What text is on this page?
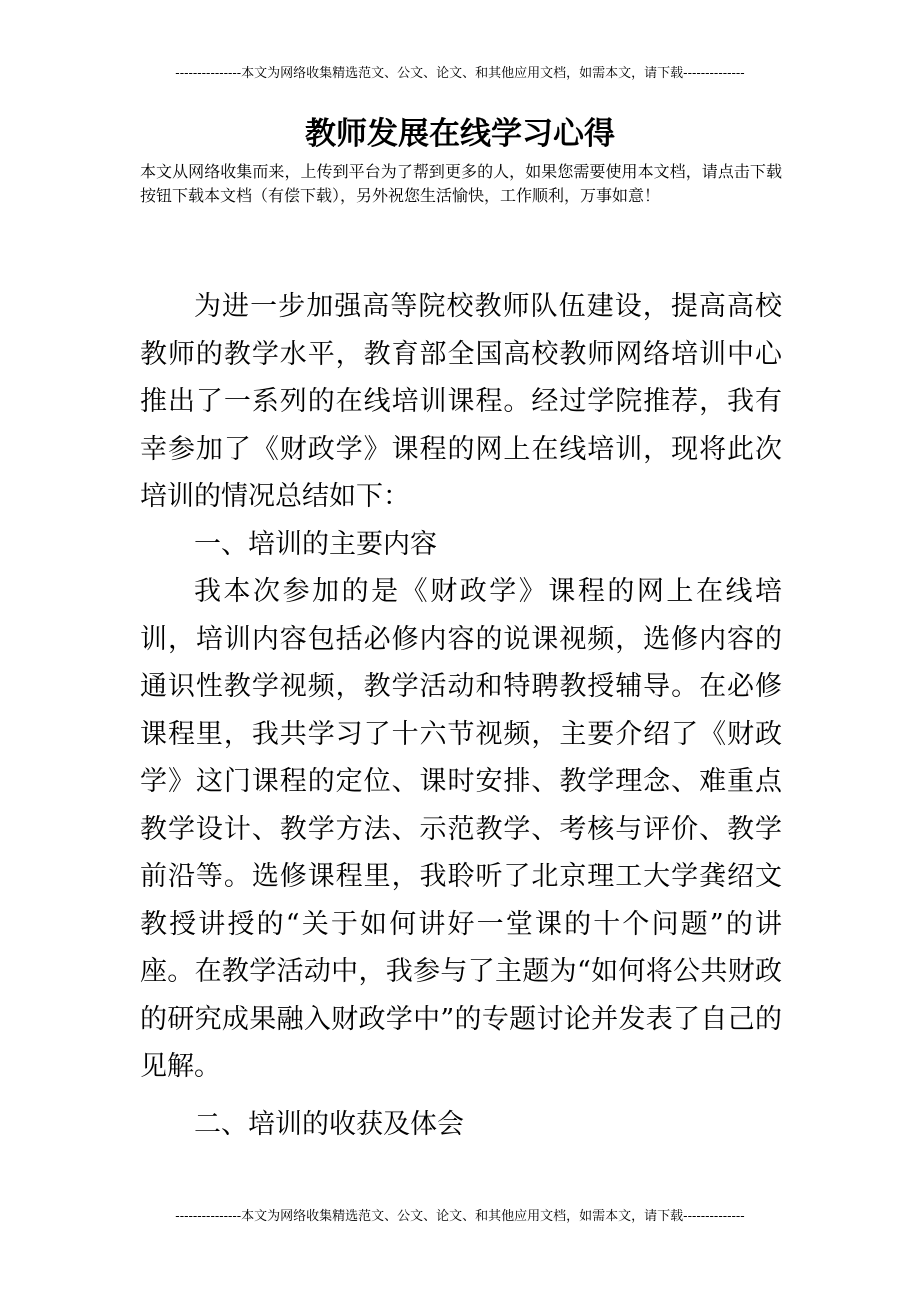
---------------本文为网络收集精选范文、公文、论文、和其他应用文档，如需本文，请下载--------------
教师发展在线学习心得

本文从网络收集而来，上传到平台为了帮到更多的人，如果您需要使用本文档，请点击下载按钮下载本文档（有偿下载），另外祝您生活愉快，工作顺利，万事如意！

为进一步加强高等院校教师队伍建设，提高高校教师的教学水平，教育部全国高校教师网络培训中心推出了一系列的在线培训课程。经过学院推荐，我有幸参加了《财政学》课程的网上在线培训，现将此次培训的情况总结如下：

一、培训的主要内容

我本次参加的是《财政学》课程的网上在线培训，培训内容包括必修内容的说课视频，选修内容的通识性教学视频，教学活动和特聘教授辅导。在必修课程里，我共学习了十六节视频，主要介绍了《财政学》这门课程的定位、课时安排、教学理念、难重点教学设计、教学方法、示范教学、考核与评价、教学前沿等。选修课程里，我聆听了北京理工大学龚绍文教授讲授的“关于如何讲好一堂课的十个问题”的讲座。在教学活动中，我参与了主题为“如何将公共财政的研究成果融入财政学中”的专题讨论并发表了自己的见解。

二、培训的收获及体会

---------------本文为网络收集精选范文、公文、论文、和其他应用文档，如需本文，请下载--------------
